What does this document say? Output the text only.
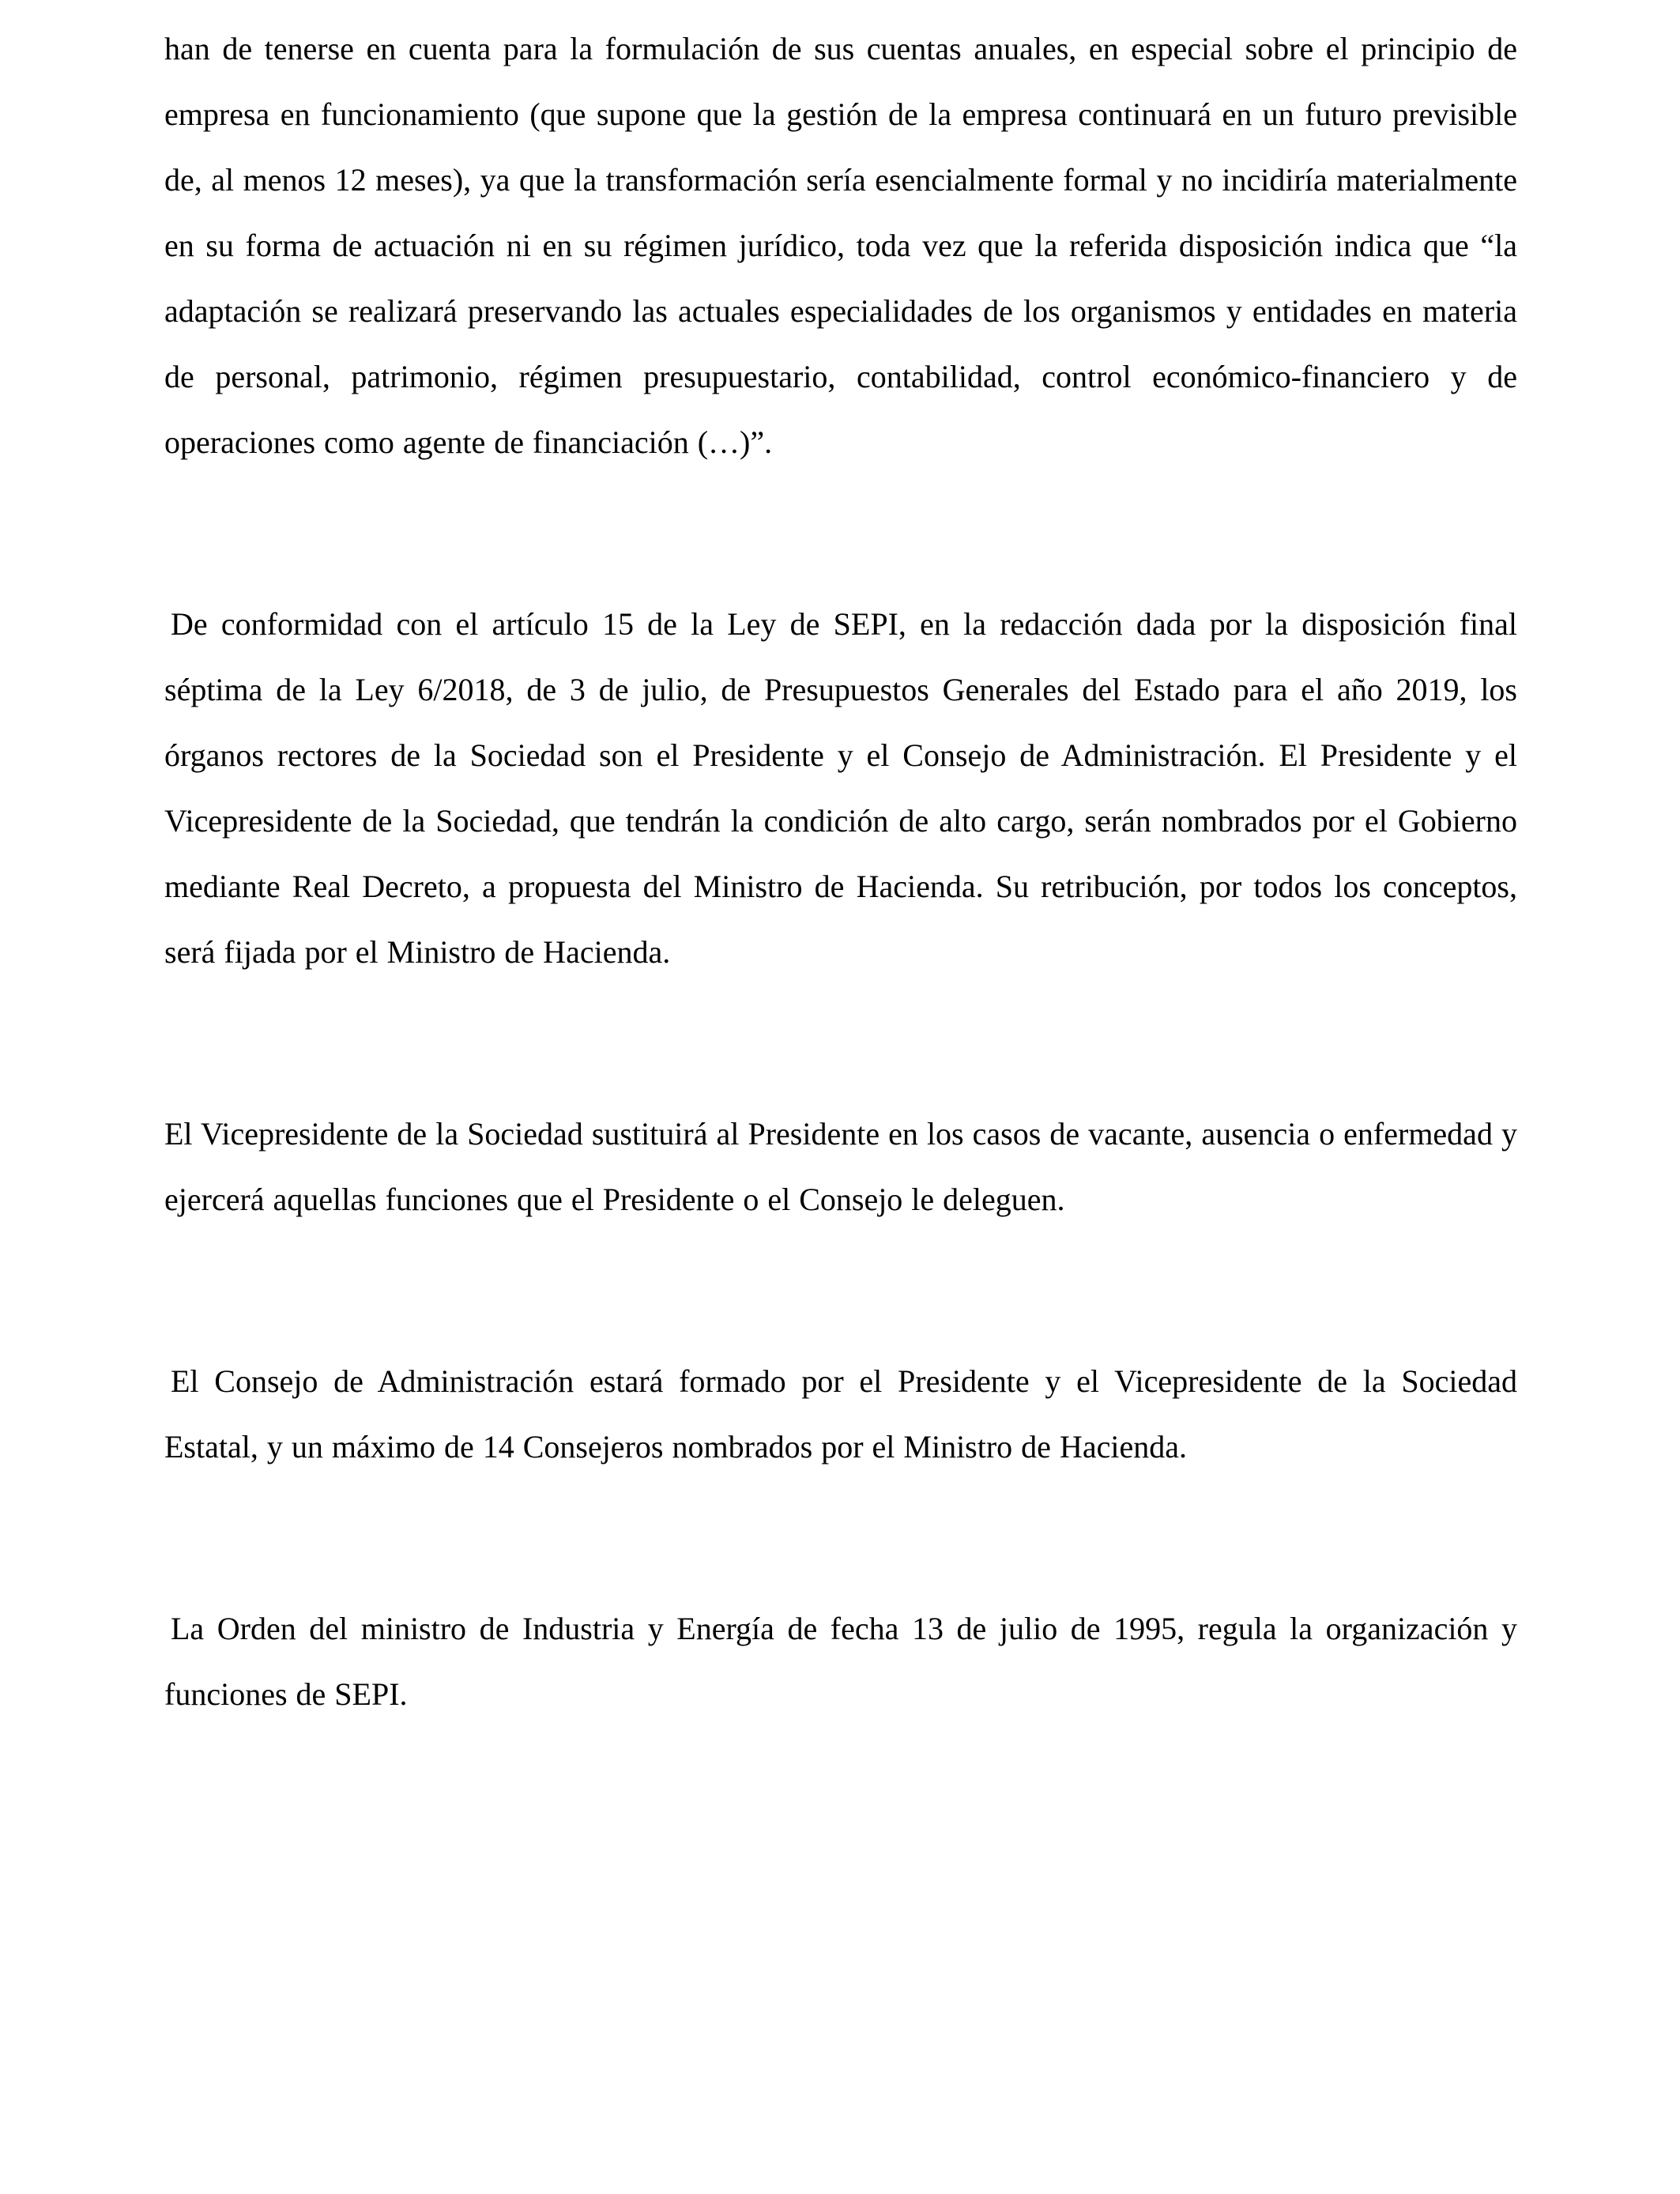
han de tenerse en cuenta para la formulación de sus cuentas anuales, en especial sobre el principio de empresa en funcionamiento (que supone que la gestión de la empresa continuará en un futuro previsible de, al menos 12 meses), ya que la transformación sería esencialmente formal y no incidiría materialmente en su forma de actuación ni en su régimen jurídico, toda vez que la referida disposición indica que “la adaptación se realizará preservando las actuales especialidades de los organismos y entidades en materia de personal, patrimonio, régimen presupuestario, contabilidad, control económico-financiero y de operaciones como agente de financiación (…)”.

De conformidad con el artículo 15 de la Ley de SEPI, en la redacción dada por la disposición final séptima de la Ley 6/2018, de 3 de julio, de Presupuestos Generales del Estado para el año 2019, los órganos rectores de la Sociedad son el Presidente y el Consejo de Administración. El Presidente y el Vicepresidente de la Sociedad, que tendrán la condición de alto cargo, serán nombrados por el Gobierno mediante Real Decreto, a propuesta del Ministro de Hacienda. Su retribución, por todos los conceptos, será fijada por el Ministro de Hacienda.

El Vicepresidente de la Sociedad sustituirá al Presidente en los casos de vacante, ausencia o enfermedad y ejercerá aquellas funciones que el Presidente o el Consejo le deleguen.

El Consejo de Administración estará formado por el Presidente y el Vicepresidente de la Sociedad Estatal, y un máximo de 14 Consejeros nombrados por el Ministro de Hacienda.

La Orden del ministro de Industria y Energía de fecha 13 de julio de 1995, regula la organización y funciones de SEPI.
